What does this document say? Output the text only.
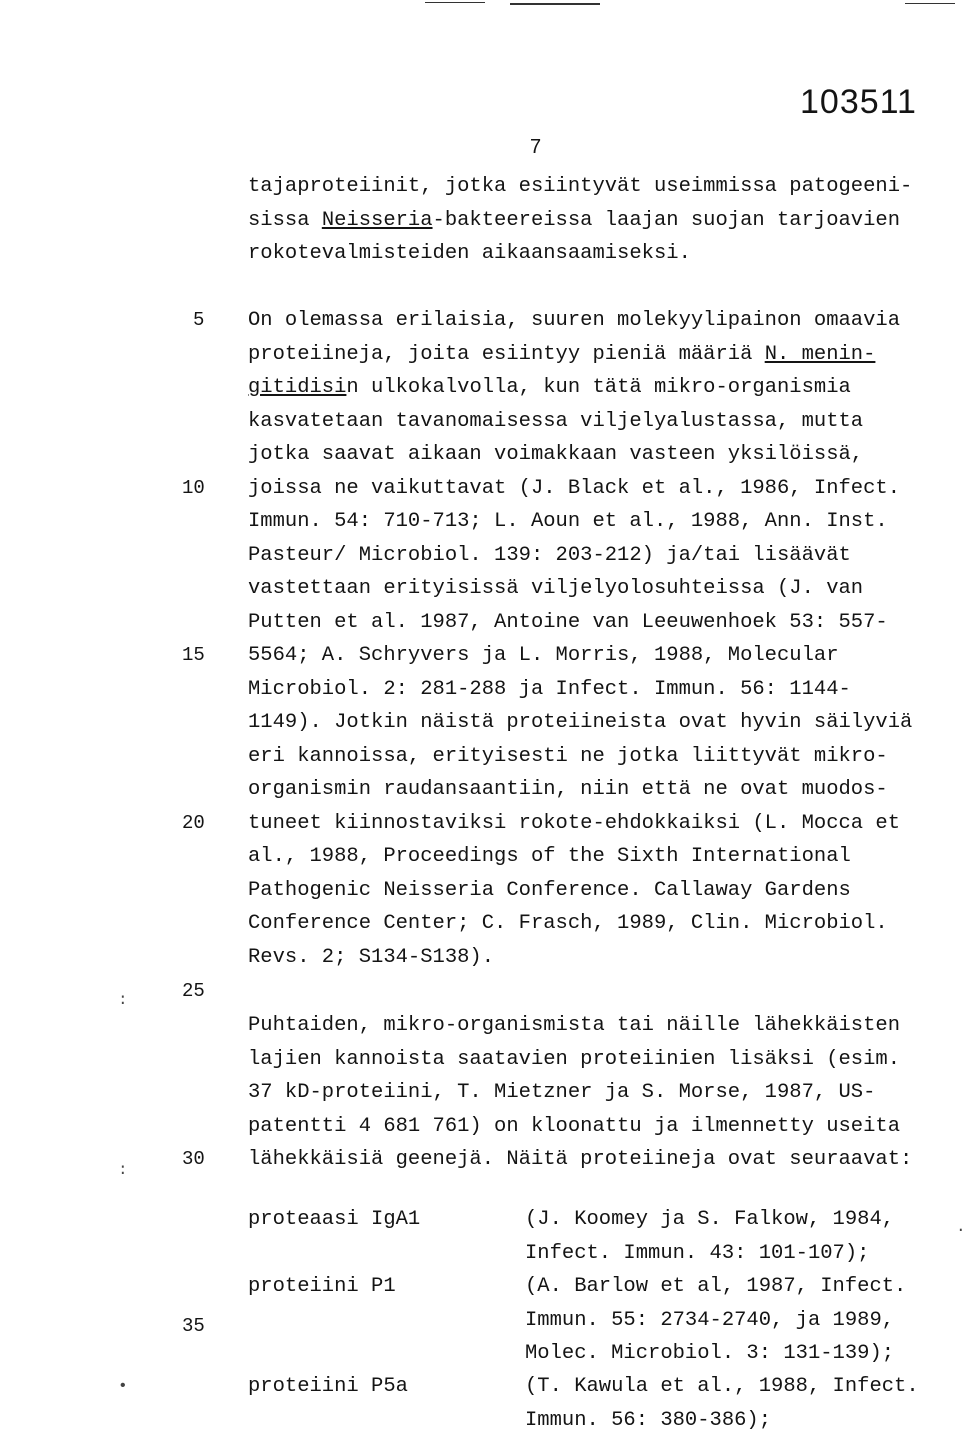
103511
7
5
10
15
20
25
30
35
tajaproteiinit, jotka esiintyvät useimmissa patogeeni-
sissa Neisseria-bakteereissa laajan suojan tarjoavien
rokotevalmisteiden aikaansaamiseksi.
On olemassa erilaisia, suuren molekyylipainon omaavia
proteiineja, joita esiintyy pieniä määriä N. menin-
gitidisin ulkokalvolla, kun tätä mikro-organismia
kasvatetaan tavanomaisessa viljelyalustassa, mutta
jotka saavat aikaan voimakkaan vasteen yksilöissä,
joissa ne vaikuttavat (J. Black et al., 1986, Infect.
Immun. 54: 710-713; L. Aoun et al., 1988, Ann. Inst.
Pasteur/ Microbiol. 139: 203-212) ja/tai lisäävät
vastettaan erityisissä viljelyolosuhteissa (J. van
Putten et al. 1987, Antoine van Leeuwenhoek 53: 557-
5564; A. Schryvers ja L. Morris, 1988, Molecular
Microbiol. 2: 281-288 ja Infect. Immun. 56: 1144-
1149). Jotkin näistä proteiineista ovat hyvin säilyviä
eri kannoissa, erityisesti ne jotka liittyvät mikro-
organismin raudansaantiin, niin että ne ovat muodos-
tuneet kiinnostaviksi rokote-ehdokkaiksi (L. Mocca et
al., 1988, Proceedings of the Sixth International
Pathogenic Neisseria Conference. Callaway Gardens
Conference Center; C. Frasch, 1989, Clin. Microbiol.
Revs. 2; S134-S138).
Puhtaiden, mikro-organismista tai näille lähekkäisten
lajien kannoista saatavien proteiinien lisäksi (esim.
37 kD-proteiini, T. Mietzner ja S. Morse, 1987, US-
patentti 4 681 761) on kloonattu ja ilmennetty useita
lähekkäisiä geenejä. Näitä proteiineja ovat seuraavat:
proteaasi IgA1	(J. Koomey ja S. Falkow, 1984,
Infect. Immun. 43: 101-107);
proteiini P1	(A. Barlow et al, 1987, Infect.
Immun. 55: 2734-2740, ja 1989,
Molec. Microbiol. 3: 131-139);
proteiini P5a	(T. Kawula et al., 1988, Infect.
Immun. 56: 380-386);
:
:
•
·
